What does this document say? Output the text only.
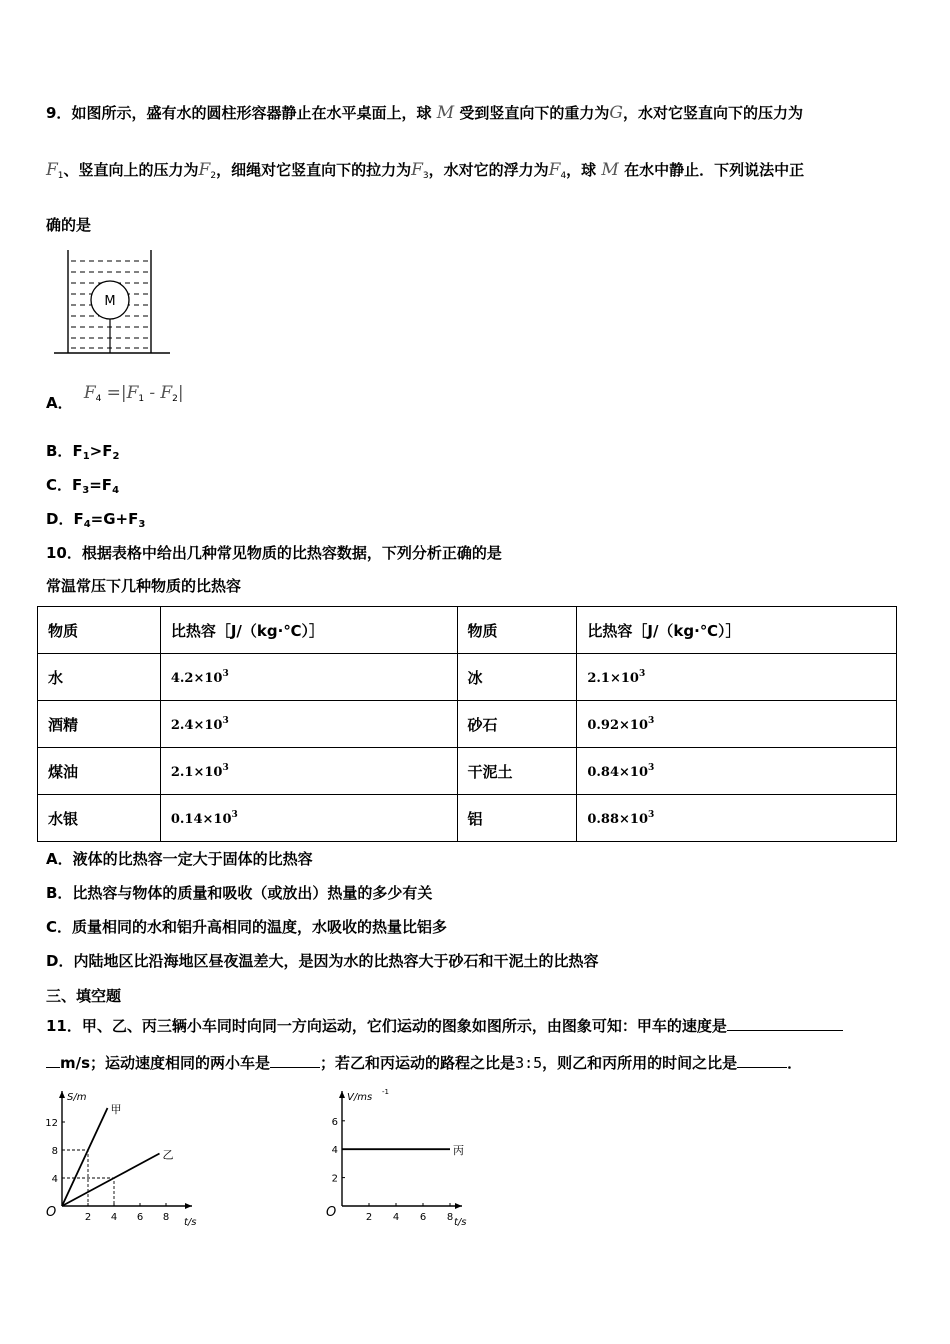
9．如图所示，盛有水的圆柱形容器静止在水平桌面上，球 M 受到竖直向下的重力为G，水对它竖直向下的压力为
$F_1$、竖直向上的压力为$F_2$，细绳对它竖直向下的拉力为$F_3$，水对它的浮力为$F_4$，球 M 在水中静止．下列说法中正
确的是
M
A． $F_4 =|F_1 - F_2|$
B．$F_1>F_2$
C．$F_3=F_4$
D．$F_4=G+F_3$
10．根据表格中给出几种常见物质的比热容数据，下列分析正确的是
常温常压下几种物质的比热容
物质	比热容［J/（kg·℃）］	物质	比热容［J/（kg·℃）］
水	$4.2\times 10^3$	冰	$2.1\times 10^3$
酒精	$2.4\times 10^3$	砂石	$0.92\times 10^3$
煤油	$2.1\times 10^3$	干泥土	$0.84\times 10^3$
水银	$0.14\times 10^3$	铝	$0.88\times 10^3$
A．液体的比热容一定大于固体的比热容
B．比热容与物体的质量和吸收（或放出）热量的多少有关
C．质量相同的水和铝升高相同的温度，水吸收的热量比铝多
D．内陆地区比沿海地区昼夜温差大，是因为水的比热容大于砂石和干泥土的比热容
三、填空题
11．甲、乙、丙三辆小车同时向同一方向运动，它们运动的图象如图所示，由图象可知：甲车的速度是
m/s；运动速度相同的两小车是	；若乙和丙运动的路程之比是3:5，则乙和丙所用的时间之比是	．
O
t/s
S/m
2 4 6 8
4
8
12
甲
乙
O
t/s
V/ms -1
2 4 6 8
2
4
6
丙
